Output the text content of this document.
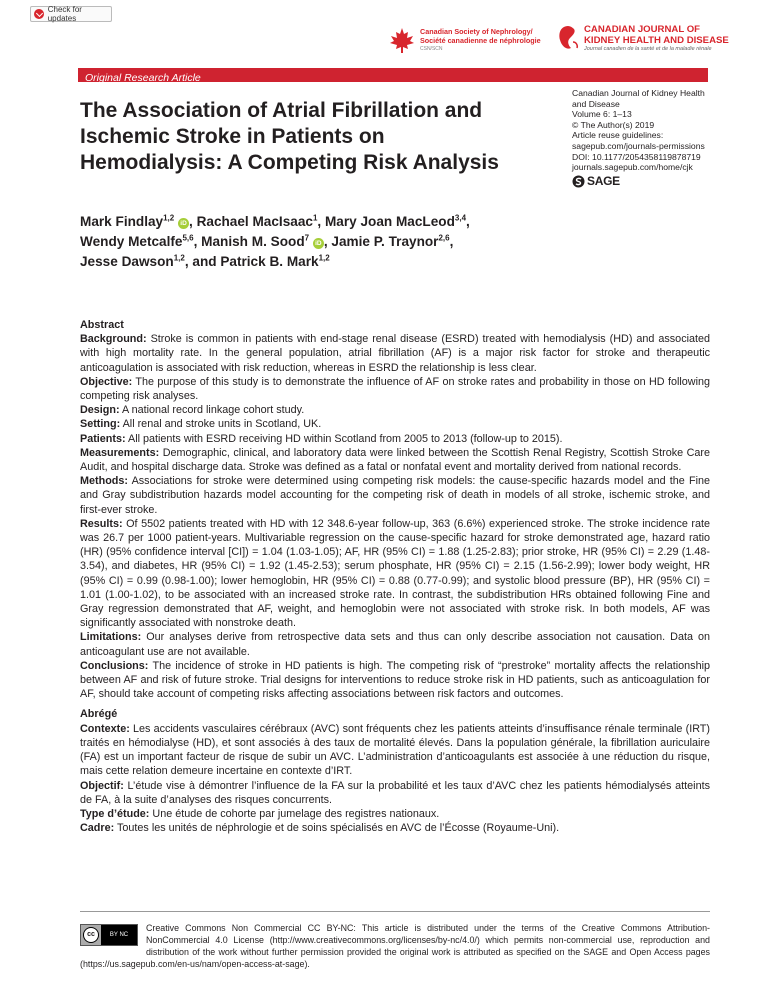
Check for updates
Canadian Society of Nephrology/
Société canadienne de néphrologie
CSN/SCN
CANADIAN JOURNAL OF
KIDNEY HEALTH AND DISEASE
Journal canadien de la santé et de la maladie rénale
Original Research Article
The Association of Atrial Fibrillation and Ischemic Stroke in Patients on Hemodialysis: A Competing Risk Analysis
Canadian Journal of Kidney Health
and Disease
Volume 6: 1–13
© The Author(s) 2019
Article reuse guidelines:
sagepub.com/journals-permissions
DOI: 10.1177/2054358119878719
journals.sagepub.com/home/cjk
SAGE
Mark Findlay$^{1,2}$ iD , Rachael MacIsaac$^1$, Mary Joan MacLeod$^{3,4}$,
Wendy Metcalfe$^{5,6}$, Manish M. Sood$^7$ iD , Jamie P. Traynor$^{2,6}$,
Jesse Dawson$^{1,2}$, and Patrick B. Mark$^{1,2}$

Abstract

Background: Stroke is common in patients with end-stage renal disease (ESRD) treated with hemodialysis (HD) and associated with high mortality rate. In the general population, atrial fibrillation (AF) is a major risk factor for stroke and therapeutic anticoagulation is associated with risk reduction, whereas in ESRD the relationship is less clear.

Objective: The purpose of this study is to demonstrate the influence of AF on stroke rates and probability in those on HD following competing risk analyses.

Design: A national record linkage cohort study.

Setting: All renal and stroke units in Scotland, UK.

Patients: All patients with ESRD receiving HD within Scotland from 2005 to 2013 (follow-up to 2015).

Measurements: Demographic, clinical, and laboratory data were linked between the Scottish Renal Registry, Scottish Stroke Care Audit, and hospital discharge data. Stroke was defined as a fatal or nonfatal event and mortality derived from national records.

Methods: Associations for stroke were determined using competing risk models: the cause-specific hazards model and the Fine and Gray subdistribution hazards model accounting for the competing risk of death in models of all stroke, ischemic stroke, and first-ever stroke.

Results: Of 5502 patients treated with HD with 12 348.6-year follow-up, 363 (6.6%) experienced stroke. The stroke incidence rate was 26.7 per 1000 patient-years. Multivariable regression on the cause-specific hazard for stroke demonstrated age, hazard ratio (HR) (95% confidence interval [CI]) = 1.04 (1.03-1.05); AF, HR (95% CI) = 1.88 (1.25-2.83); prior stroke, HR (95% CI) = 2.29 (1.48-3.54), and diabetes, HR (95% CI) = 1.92 (1.45-2.53); serum phosphate, HR (95% CI) = 2.15 (1.56-2.99); lower body weight, HR (95% CI) = 0.99 (0.98-1.00); lower hemoglobin, HR (95% CI) = 0.88 (0.77-0.99); and systolic blood pressure (BP), HR (95% CI) = 1.01 (1.00-1.02), to be associated with an increased stroke rate. In contrast, the subdistribution HRs obtained following Fine and Gray regression demonstrated that AF, weight, and hemoglobin were not associated with stroke risk. In both models, AF was significantly associated with nonstroke death.

Limitations: Our analyses derive from retrospective data sets and thus can only describe association not causation. Data on anticoagulant use are not available.

Conclusions: The incidence of stroke in HD patients is high. The competing risk of “prestroke” mortality affects the relationship between AF and risk of future stroke. Trial designs for interventions to reduce stroke risk in HD patients, such as anticoagulation for AF, should take account of competing risks affecting associations between risk factors and outcomes.

Abrégé

Contexte: Les accidents vasculaires cérébraux (AVC) sont fréquents chez les patients atteints d’insuffisance rénale terminale (IRT) traités en hémodialyse (HD), et sont associés à des taux de mortalité élevés. Dans la population générale, la fibrillation auriculaire (FA) est un important facteur de risque de subir un AVC. L’administration d’anticoagulants est associée à une réduction du risque, mais cette relation demeure incertaine en contexte d’IRT.

Objectif: L’étude vise à démontrer l’influence de la FA sur la probabilité et les taux d’AVC chez les patients hémodialysés atteints de FA, à la suite d’analyses des risques concurrents.

Type d’étude: Une étude de cohorte par jumelage des registres nationaux.

Cadre: Toutes les unités de néphrologie et de soins spécialisés en AVC de l’Écosse (Royaume-Uni).

cc	BY NC
Creative Commons Non Commercial CC BY-NC: This article is distributed under the terms of the Creative Commons Attribution-NonCommercial 4.0 License (http://www.creativecommons.org/licenses/by-nc/4.0/) which permits non-commercial use, reproduction and distribution of the work without further permission provided the original work is attributed as specified on the SAGE and Open Access pages (https://us.sagepub.com/en-us/nam/open-access-at-sage).
